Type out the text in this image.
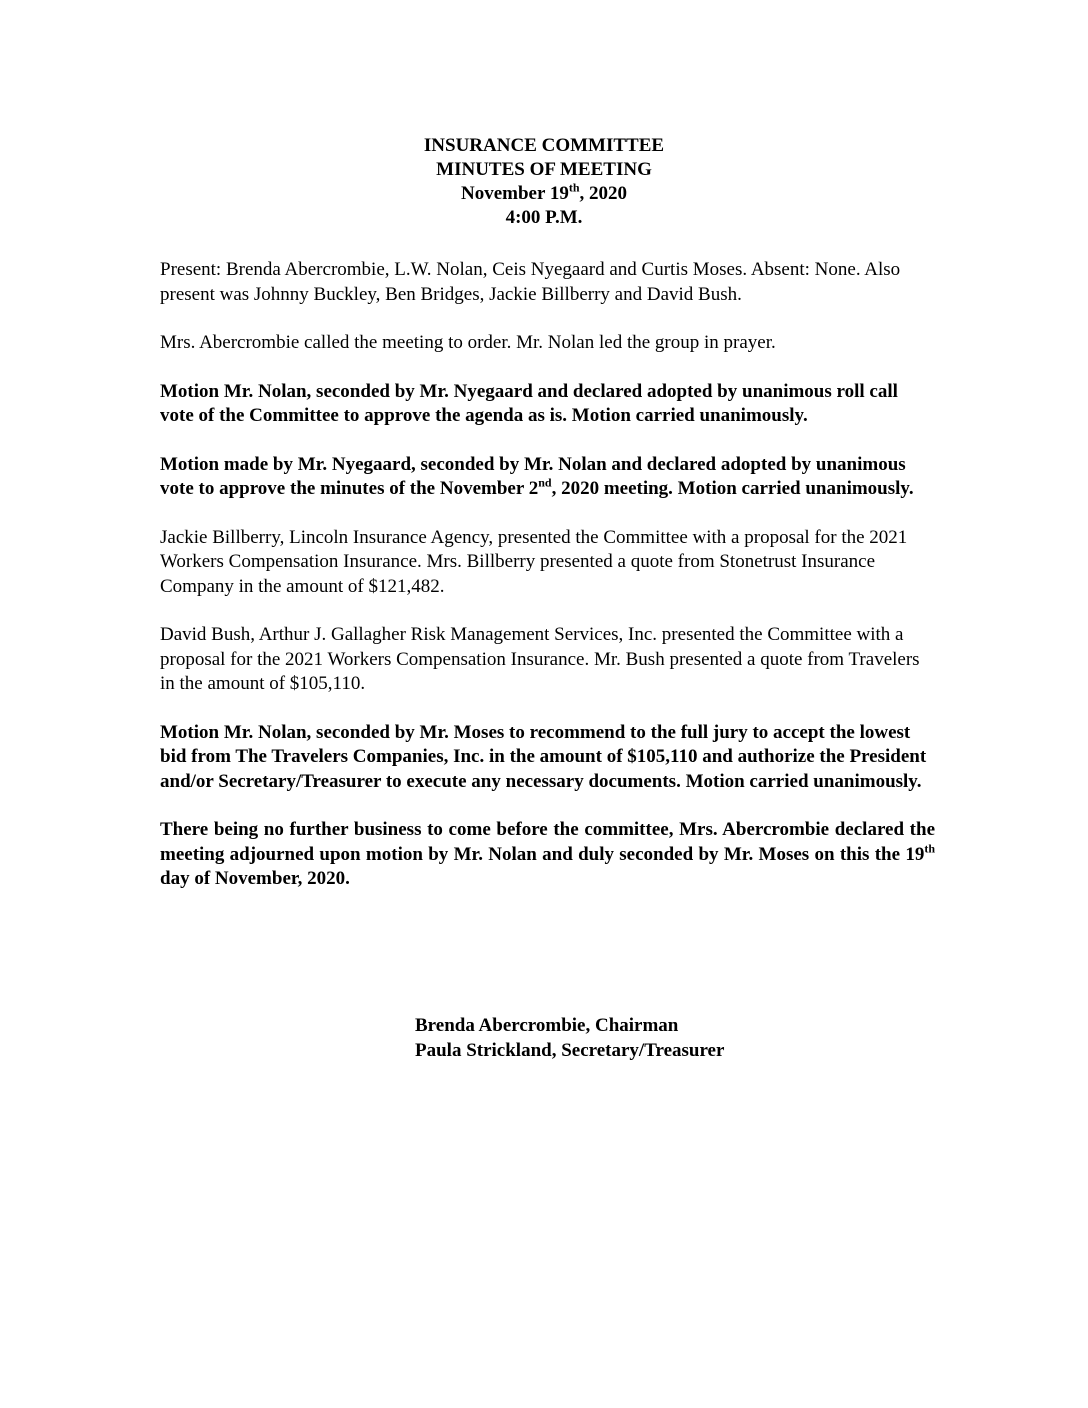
INSURANCE COMMITTEE
MINUTES OF MEETING
November 19th, 2020
4:00 P.M.

Present: Brenda Abercrombie, L.W. Nolan, Ceis Nyegaard and Curtis Moses. Absent: None. Also present was Johnny Buckley, Ben Bridges, Jackie Billberry and David Bush.

Mrs. Abercrombie called the meeting to order. Mr. Nolan led the group in prayer.

Motion Mr. Nolan, seconded by Mr. Nyegaard and declared adopted by unanimous roll call vote of the Committee to approve the agenda as is. Motion carried unanimously.

Motion made by Mr. Nyegaard, seconded by Mr. Nolan and declared adopted by unanimous vote to approve the minutes of the November 2nd, 2020 meeting. Motion carried unanimously.

Jackie Billberry, Lincoln Insurance Agency, presented the Committee with a proposal for the 2021 Workers Compensation Insurance. Mrs. Billberry presented a quote from Stonetrust Insurance Company in the amount of $121,482.

David Bush, Arthur J. Gallagher Risk Management Services, Inc. presented the Committee with a proposal for the 2021 Workers Compensation Insurance. Mr. Bush presented a quote from Travelers in the amount of $105,110.

Motion Mr. Nolan, seconded by Mr. Moses to recommend to the full jury to accept the lowest bid from The Travelers Companies, Inc. in the amount of $105,110 and authorize the President and/or Secretary/Treasurer to execute any necessary documents. Motion carried unanimously.

There being no further business to come before the committee, Mrs. Abercrombie declared the meeting adjourned upon motion by Mr. Nolan and duly seconded by Mr. Moses on this the 19th day of November, 2020.

Brenda Abercrombie, Chairman
Paula Strickland, Secretary/Treasurer
